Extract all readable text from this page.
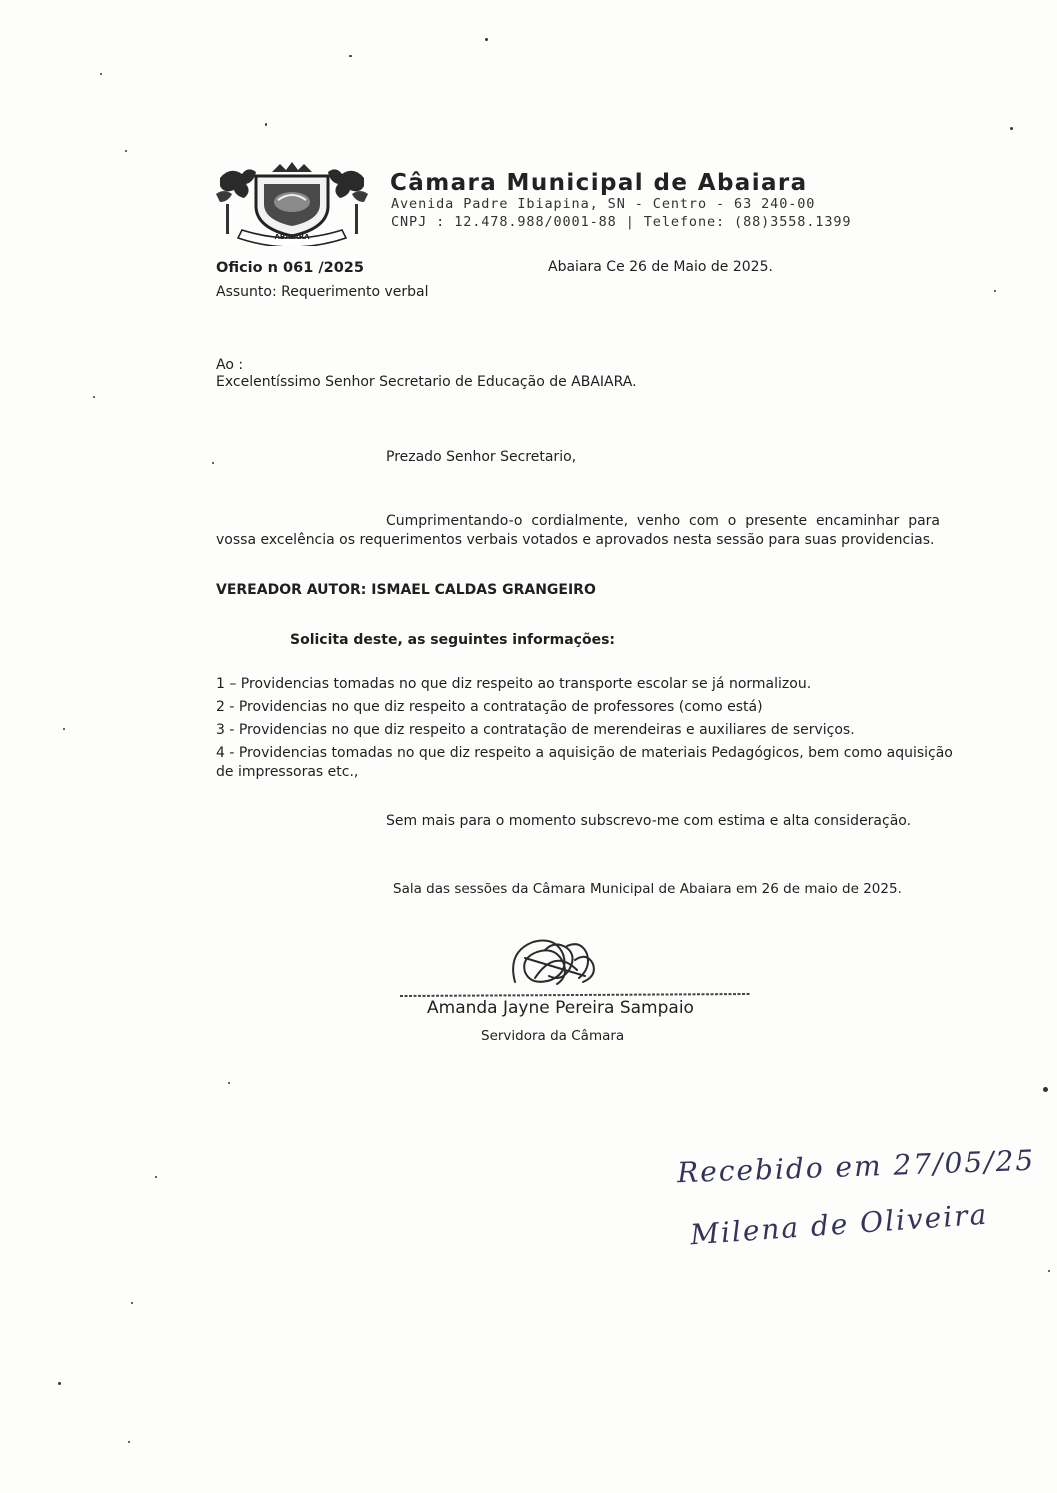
ABAIARA
Câmara Municipal de Abaiara
Avenida Padre Ibiapina, SN - Centro - 63 240-00
CNPJ : 12.478.988/0001-88 | Telefone: (88)3558.1399
Oficio n 061 /2025	Abaiara Ce 26 de Maio de 2025.
Assunto: Requerimento verbal
Ao :
Excelentíssimo Senhor Secretario de Educação de ABAIARA.
Prezado Senhor Secretario,

Cumprimentando-o cordialmente, venho com o presente encaminhar para vossa excelência os requerimentos verbais votados e aprovados nesta sessão para suas providencias.

VEREADOR AUTOR: ISMAEL CALDAS GRANGEIRO
Solicita deste, as seguintes informações:
1 – Providencias tomadas no que diz respeito ao transporte escolar se já normalizou.
2 - Providencias no que diz respeito a contratação de professores (como está)
3 - Providencias no que diz respeito a contratação de merendeiras e auxiliares de serviços.
4 - Providencias tomadas no que diz respeito a aquisição de materiais Pedagógicos, bem como aquisição de impressoras etc.,

Sem mais para o momento subscrevo-me com estima e alta consideração.

Sala das sessões da Câmara Municipal de Abaiara em 26 de maio de 2025.
Amanda Jayne Pereira Sampaio
Servidora da Câmara
Recebido em 27/05/25
Milena de Oliveira
